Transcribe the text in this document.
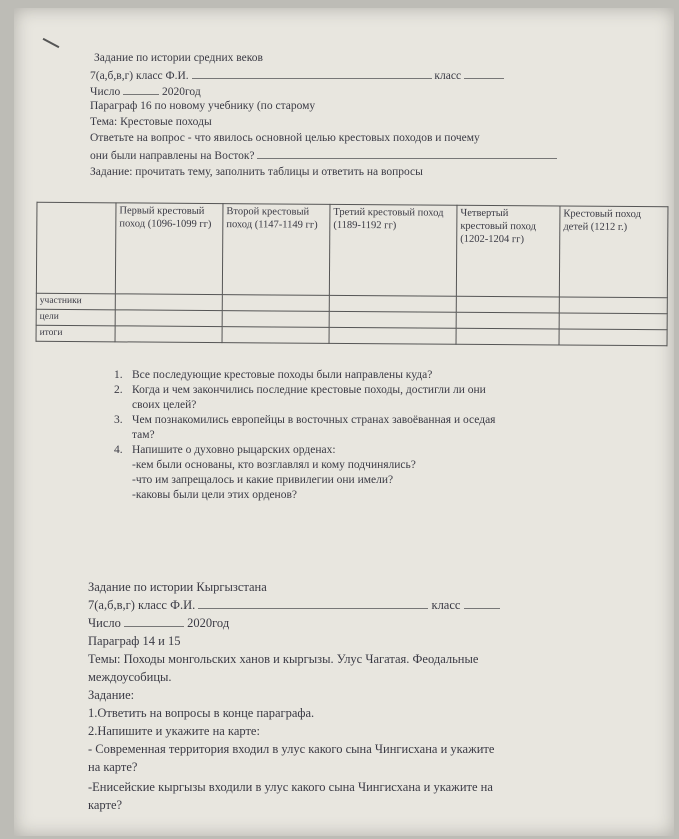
Задание по истории средних веков
7(а,б,в,г) класс Ф.И.	класс
Число	2020год
Параграф 16 по новому учебнику (по старому
Тема: Крестовые походы
Ответьте на вопрос - что явилось основной целью крестовых походов и почему
они были направлены на Восток?
Задание: прочитать тему, заполнить таблицы и ответить на вопросы
	Первый крестовый поход (1096-1099 гг)	Второй крестовый поход (1147-1149 гг)	Третий крестовый поход (1189-1192 гг)	Четвертый крестовый поход (1202-1204 гг)	Крестовый поход детей (1212 г.)
участники					
цели					
итоги					
1. Все последующие крестовые походы были направлены куда?
2. Когда и чем закончились последние крестовые походы, достигли ли они
своих целей?
3. Чем познакомились европейцы в восточных странах завоёванная и оседая
там?
4. Напишите о духовно рыцарских орденах:
-кем были основаны, кто возглавлял и кому подчинялись?
-что им запрещалось и какие привилегии они имели?
-каковы были цели этих орденов?
Задание по истории Кыргызстана
7(а,б,в,г) класс Ф.И.	класс
Число	2020год
Параграф 14 и 15
Темы: Походы монгольских ханов и кыргызы. Улус Чагатая. Феодальные
междоусобицы.
Задание:
1.Ответить на вопросы в конце параграфа.
2.Напишите и укажите на карте:
- Современная территория входил в улус какого сына Чингисхана и укажите
на карте?
-Енисейские кыргызы входили в улус какого сына Чингисхана и укажите на
карте?
